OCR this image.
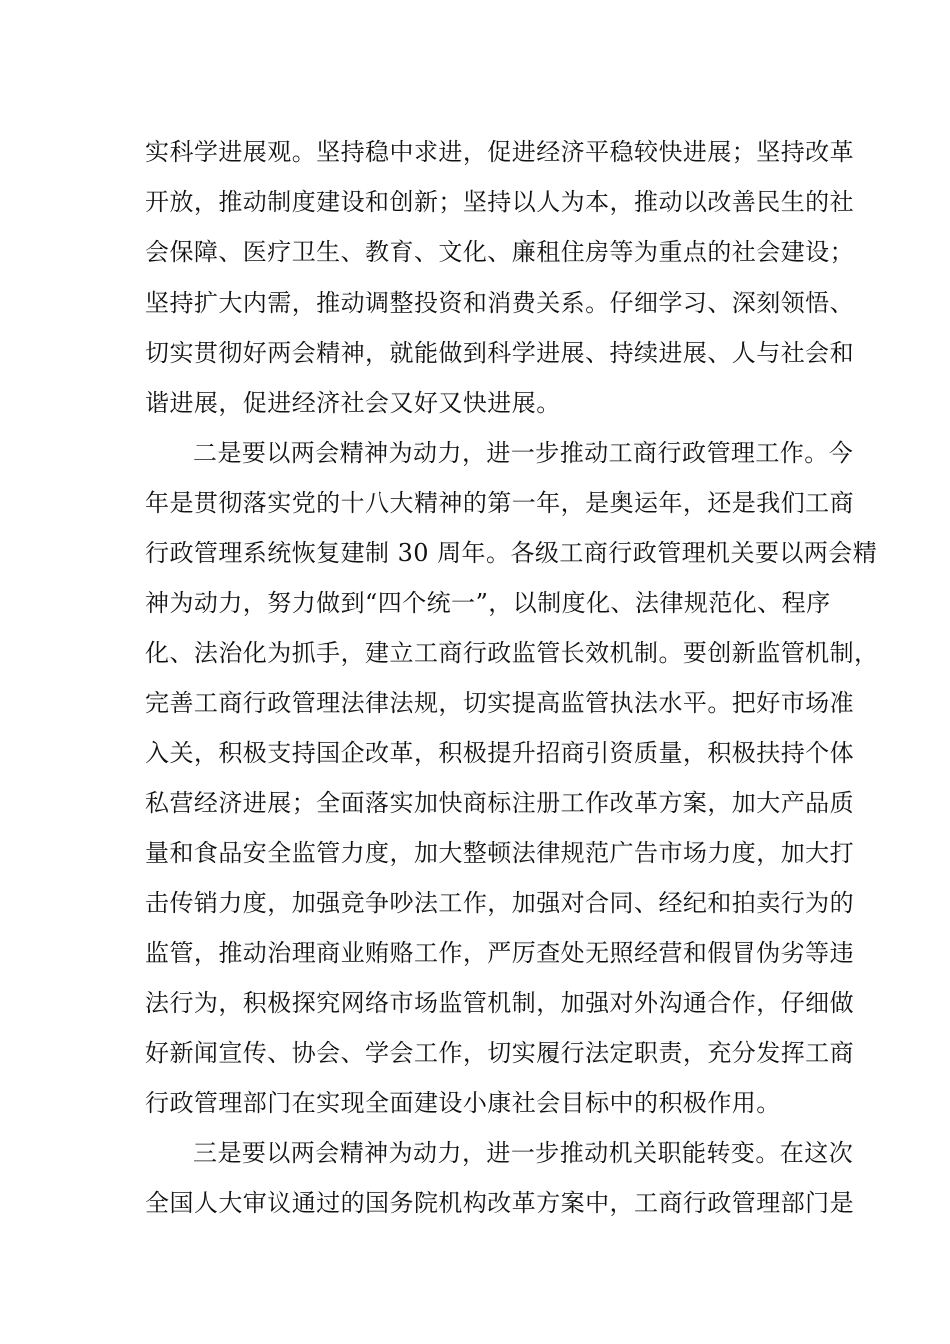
实科学进展观。坚持稳中求进，促进经济平稳较快进展；坚持改革
开放，推动制度建设和创新；坚持以人为本，推动以改善民生的社
会保障、医疗卫生、教育、文化、廉租住房等为重点的社会建设；
坚持扩大内需，推动调整投资和消费关系。仔细学习、深刻领悟、
切实贯彻好两会精神，就能做到科学进展、持续进展、人与社会和
谐进展，促进经济社会又好又快进展。
二是要以两会精神为动力，进一步推动工商行政管理工作。今
年是贯彻落实党的十八大精神的第一年，是奥运年，还是我们工商
行政管理系统恢复建制 30 周年。各级工商行政管理机关要以两会精
神为动力，努力做到“四个统一”，以制度化、法律规范化、程序
化、法治化为抓手，建立工商行政监管长效机制。要创新监管机制，
完善工商行政管理法律法规，切实提高监管执法水平。把好市场准
入关，积极支持国企改革，积极提升招商引资质量，积极扶持个体
私营经济进展；全面落实加快商标注册工作改革方案，加大产品质
量和食品安全监管力度，加大整顿法律规范广告市场力度，加大打
击传销力度，加强竞争吵法工作，加强对合同、经纪和拍卖行为的
监管，推动治理商业贿赂工作，严厉查处无照经营和假冒伪劣等违
法行为，积极探究网络市场监管机制，加强对外沟通合作，仔细做
好新闻宣传、协会、学会工作，切实履行法定职责，充分发挥工商
行政管理部门在实现全面建设小康社会目标中的积极作用。
三是要以两会精神为动力，进一步推动机关职能转变。在这次
全国人大审议通过的国务院机构改革方案中，工商行政管理部门是
